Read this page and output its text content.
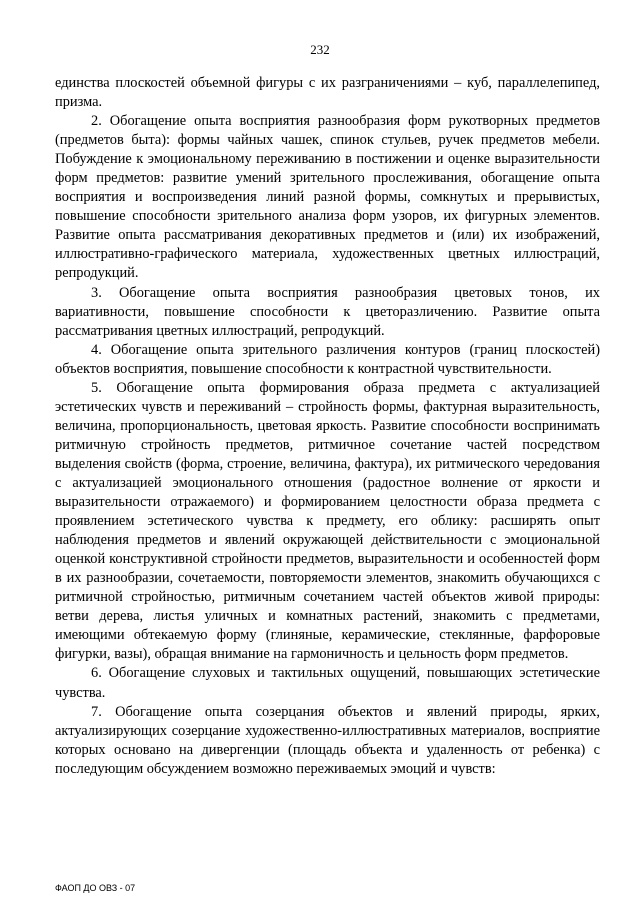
232

единства плоскостей объемной фигуры с их разграничениями – куб, параллелепипед, призма.

2. Обогащение опыта восприятия разнообразия форм рукотворных предметов (предметов быта): формы чайных чашек, спинок стульев, ручек предметов мебели. Побуждение к эмоциональному переживанию в постижении и оценке выразительности форм предметов: развитие умений зрительного прослеживания, обогащение опыта восприятия и воспроизведения линий разной формы, сомкнутых и прерывистых, повышение способности зрительного анализа форм узоров, их фигурных элементов. Развитие опыта рассматривания декоративных предметов и (или) их изображений, иллюстративно-графического материала, художественных цветных иллюстраций, репродукций.

3. Обогащение опыта восприятия разнообразия цветовых тонов, их вариативности, повышение способности к цветоразличению. Развитие опыта рассматривания цветных иллюстраций, репродукций.

4. Обогащение опыта зрительного различения контуров (границ плоскостей) объектов восприятия, повышение способности к контрастной чувствительности.

5. Обогащение опыта формирования образа предмета с актуализацией эстетических чувств и переживаний – стройность формы, фактурная выразительность, величина, пропорциональность, цветовая яркость. Развитие способности воспринимать ритмичную стройность предметов, ритмичное сочетание частей посредством выделения свойств (форма, строение, величина, фактура), их ритмического чередования с актуализацией эмоционального отношения (радостное волнение от яркости и выразительности отражаемого) и формированием целостности образа предмета с проявлением эстетического чувства к предмету, его облику: расширять опыт наблюдения предметов и явлений окружающей действительности с эмоциональной оценкой конструктивной стройности предметов, выразительности и особенностей форм в их разнообразии, сочетаемости, повторяемости элементов, знакомить обучающихся с ритмичной стройностью, ритмичным сочетанием частей объектов живой природы: ветви дерева, листья уличных и комнатных растений, знакомить с предметами, имеющими обтекаемую форму (глиняные, керамические, стеклянные, фарфоровые фигурки, вазы), обращая внимание на гармоничность и цельность форм предметов.

6. Обогащение слуховых и тактильных ощущений, повышающих эстетические чувства.

7. Обогащение опыта созерцания объектов и явлений природы, ярких, актуализирующих созерцание художественно-иллюстративных материалов, восприятие которых основано на дивергенции (площадь объекта и удаленность от ребенка) с последующим обсуждением возможно переживаемых эмоций и чувств:

ФАОП ДО ОВЗ - 07
